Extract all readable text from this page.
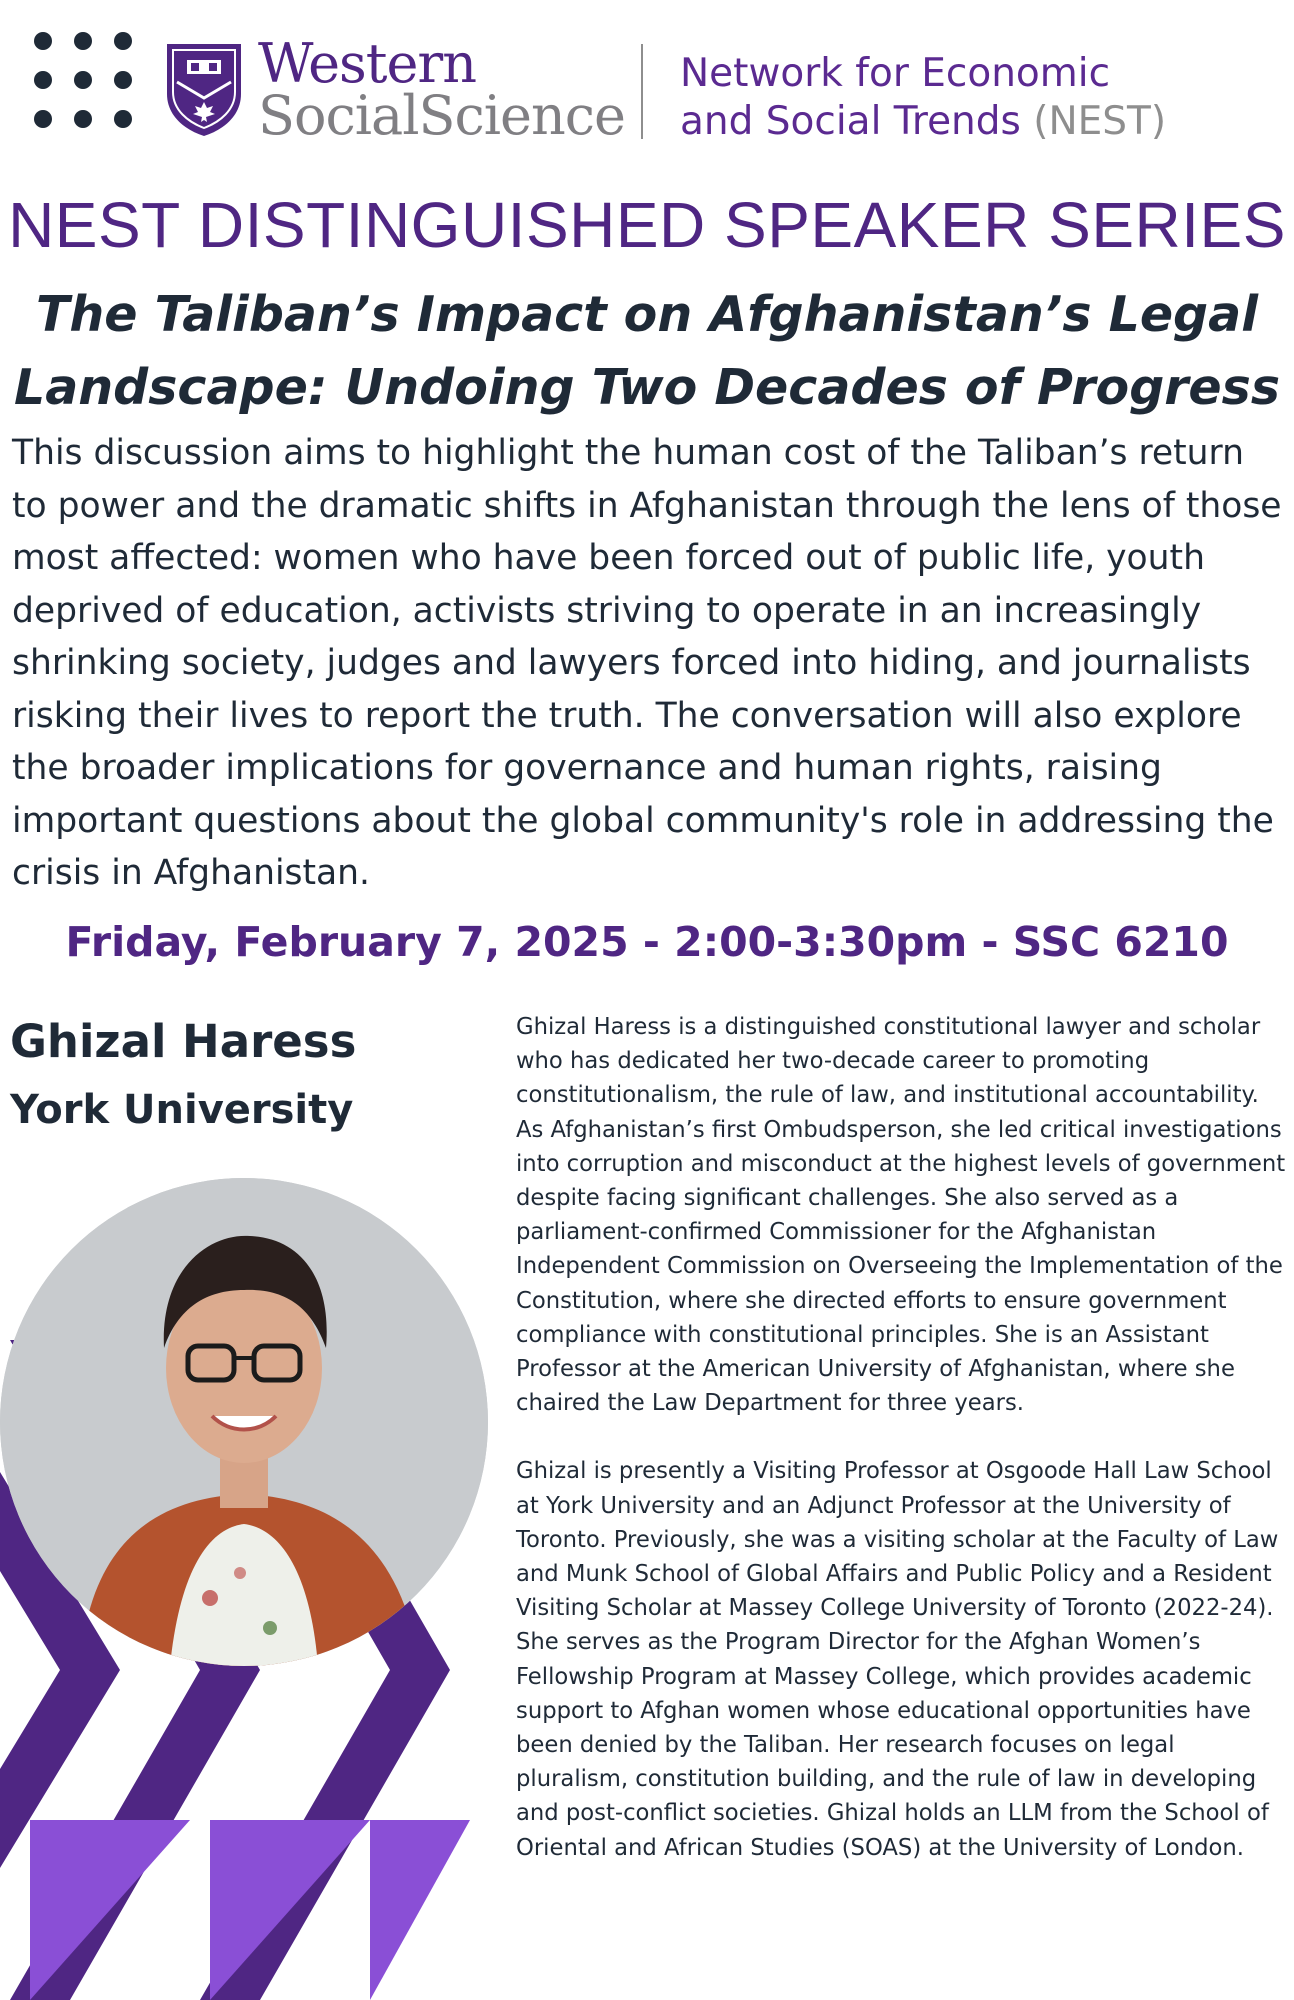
Western
SocialScience
Network for Economic
and Social Trends (NEST)
NEST DISTINGUISHED SPEAKER SERIES
The Taliban’s Impact on Afghanistan’s Legal
Landscape: Undoing Two Decades of Progress
This discussion aims to highlight the human cost of the Taliban’s return to power and the dramatic shifts in Afghanistan through the lens of those most affected: women who have been forced out of public life, youth deprived of education, activists striving to operate in an increasingly shrinking society, judges and lawyers forced into hiding, and journalists risking their lives to report the truth. The conversation will also explore the broader implications for governance and human rights, raising important questions about the global community's role in addressing the crisis in Afghanistan.
Friday, February 7, 2025 - 2:00-3:30pm - SSC 6210
Ghizal Haress
York University

Ghizal Haress is a distinguished constitutional lawyer and scholar who has dedicated her two-decade career to promoting constitutionalism, the rule of law, and institutional accountability. As Afghanistan’s first Ombudsperson, she led critical investigations into corruption and misconduct at the highest levels of government despite facing significant challenges. She also served as a parliament-confirmed Commissioner for the Afghanistan Independent Commission on Overseeing the Implementation of the Constitution, where she directed efforts to ensure government compliance with constitutional principles. She is an Assistant Professor at the American University of Afghanistan, where she chaired the Law Department for three years.

Ghizal is presently a Visiting Professor at Osgoode Hall Law School at York University and an Adjunct Professor at the University of Toronto. Previously, she was a visiting scholar at the Faculty of Law and Munk School of Global Affairs and Public Policy and a Resident Visiting Scholar at Massey College University of Toronto (2022-24). She serves as the Program Director for the Afghan Women’s Fellowship Program at Massey College, which provides academic support to Afghan women whose educational opportunities have been denied by the Taliban. Her research focuses on legal pluralism, constitution building, and the rule of law in developing and post-conflict societies. Ghizal holds an LLM from the School of Oriental and African Studies (SOAS) at the University of London.
